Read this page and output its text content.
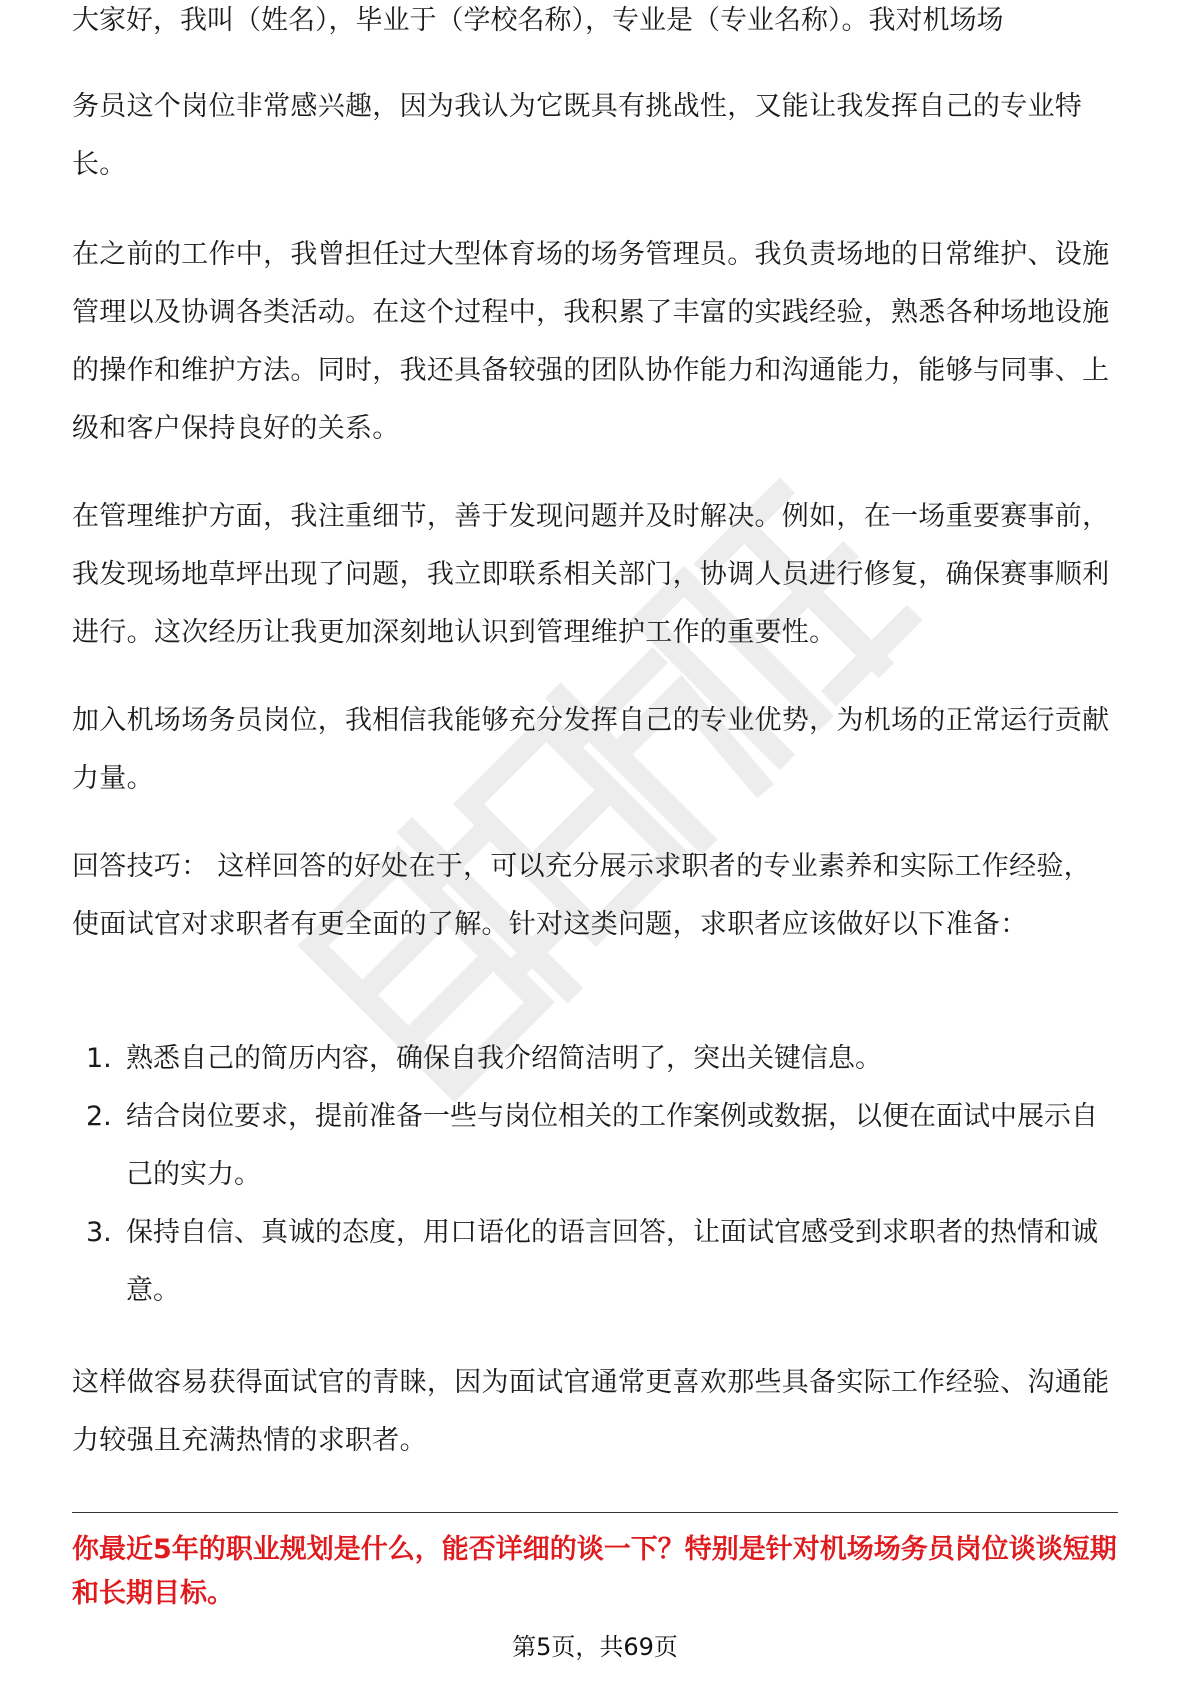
大家好，我叫（姓名），毕业于（学校名称），专业是（专业名称）。我对机场场

务员这个岗位非常感兴趣，因为我认为它既具有挑战性，又能让我发挥自己的专业特长。

在之前的工作中，我曾担任过大型体育场的场务管理员。我负责场地的日常维护、设施管理以及协调各类活动。在这个过程中，我积累了丰富的实践经验，熟悉各种场地设施的操作和维护方法。同时，我还具备较强的团队协作能力和沟通能力，能够与同事、上级和客户保持良好的关系。

在管理维护方面，我注重细节，善于发现问题并及时解决。例如，在一场重要赛事前，我发现场地草坪出现了问题，我立即联系相关部门，协调人员进行修复，确保赛事顺利进行。这次经历让我更加深刻地认识到管理维护工作的重要性。

加入机场场务员岗位，我相信我能够充分发挥自己的专业优势，为机场的正常运行贡献力量。

回答技巧： 这样回答的好处在于，可以充分展示求职者的专业素养和实际工作经验，使面试官对求职者有更全面的了解。针对这类问题，求职者应该做好以下准备：

1. 熟悉自己的简历内容，确保自我介绍简洁明了，突出关键信息。
2. 结合岗位要求，提前准备一些与岗位相关的工作案例或数据，以便在面试中展示自己的实力。
3. 保持自信、真诚的态度，用口语化的语言回答，让面试官感受到求职者的热情和诚意。

这样做容易获得面试官的青睐，因为面试官通常更喜欢那些具备实际工作经验、沟通能力较强且充满热情的求职者。

你最近5年的职业规划是什么，能否详细的谈一下？特别是针对机场场务员岗位谈谈短期和长期目标。

第5页，共69页
